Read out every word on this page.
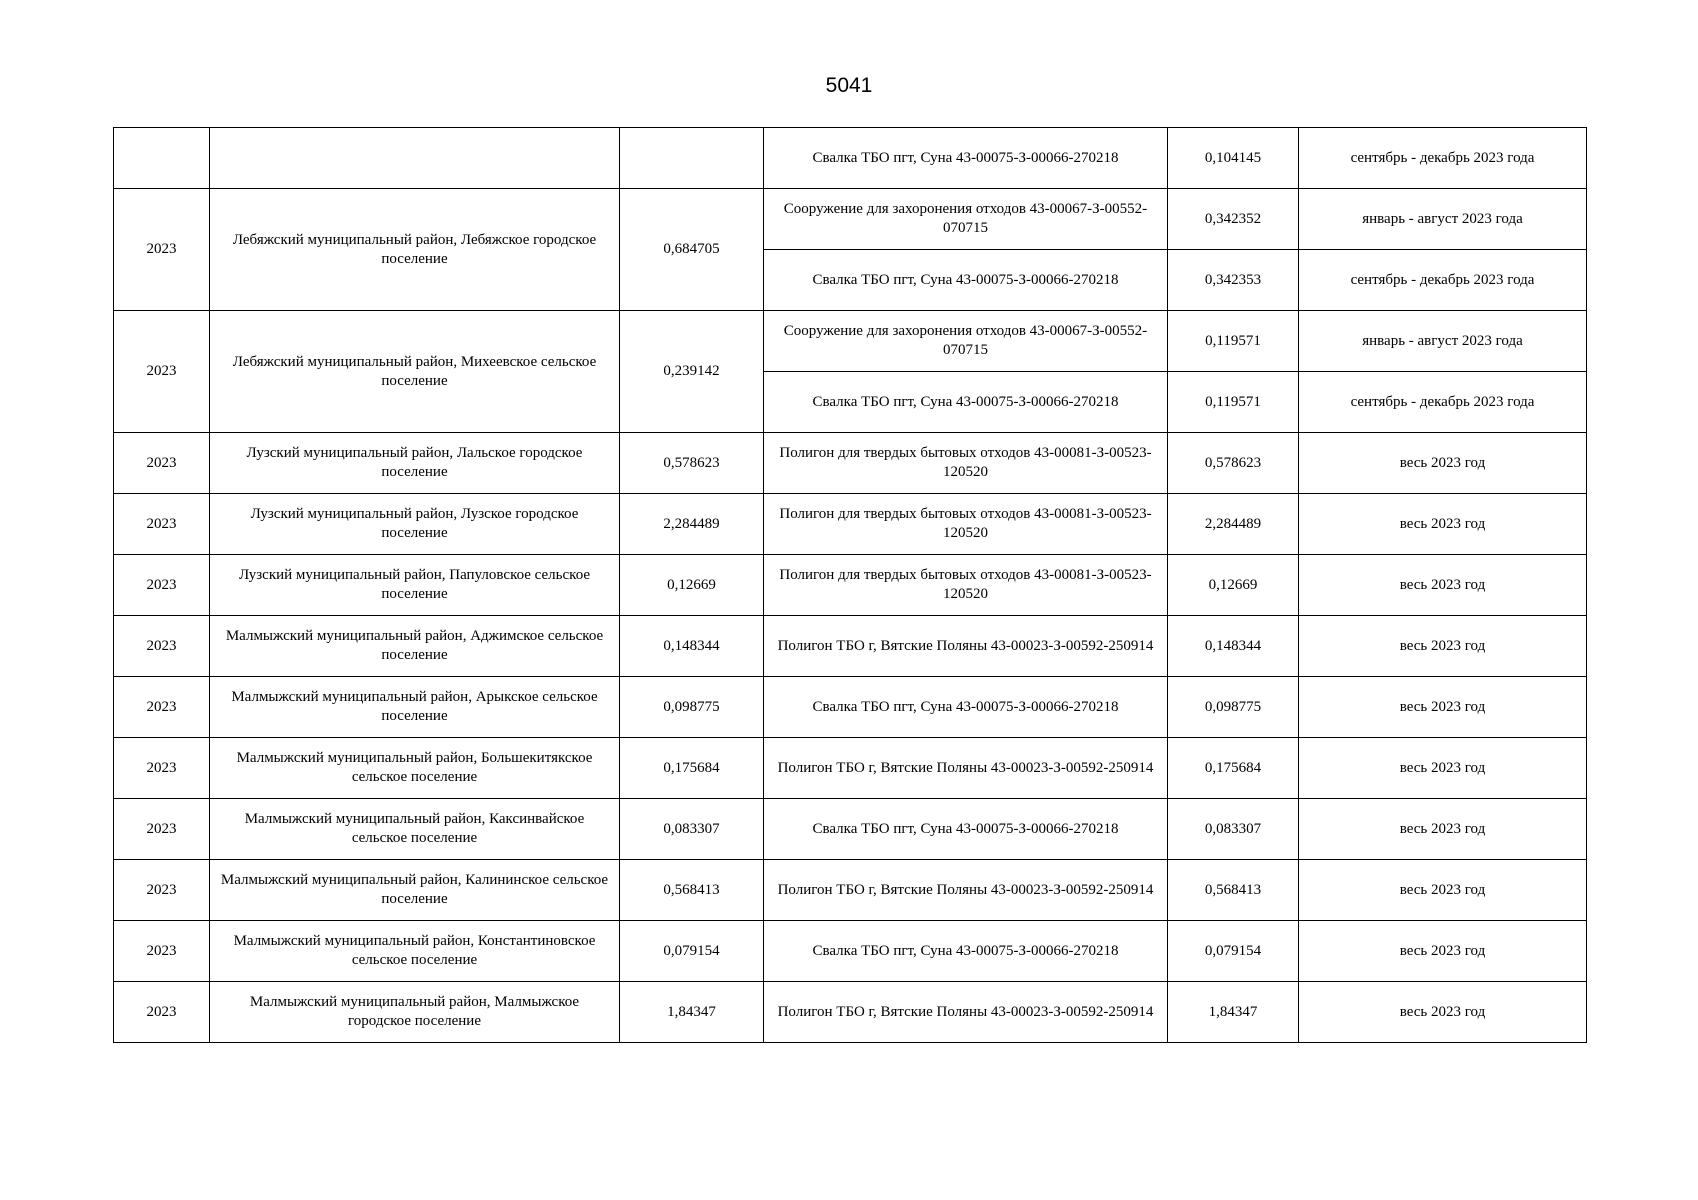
5041
			Свалка ТБО пгт, Суна 43-00075-З-00066-270218	0,104145	сентябрь - декабрь 2023 года
2023	Лебяжский муниципальный район, Лебяжское городское поселение	0,684705	Сооружение для захоронения отходов 43-00067-З-00552-070715	0,342352	январь - август 2023 года
			Свалка ТБО пгт, Суна 43-00075-З-00066-270218	0,342353	сентябрь - декабрь 2023 года
2023	Лебяжский муниципальный район, Михеевское сельское поселение	0,239142	Сооружение для захоронения отходов 43-00067-З-00552-070715	0,119571	январь - август 2023 года
			Свалка ТБО пгт, Суна 43-00075-З-00066-270218	0,119571	сентябрь - декабрь 2023 года
2023	Лузский муниципальный район, Лальское городское поселение	0,578623	Полигон для твердых бытовых отходов 43-00081-З-00523-120520	0,578623	весь 2023 год
2023	Лузский муниципальный район, Лузское городское поселение	2,284489	Полигон для твердых бытовых отходов 43-00081-З-00523-120520	2,284489	весь 2023 год
2023	Лузский муниципальный район, Папуловское сельское поселение	0,12669	Полигон для твердых бытовых отходов 43-00081-З-00523-120520	0,12669	весь 2023 год
2023	Малмыжский муниципальный район, Аджимское сельское поселение	0,148344	Полигон ТБО г, Вятские Поляны 43-00023-З-00592-250914	0,148344	весь 2023 год
2023	Малмыжский муниципальный район, Арыкское сельское поселение	0,098775	Свалка ТБО пгт, Суна 43-00075-З-00066-270218	0,098775	весь 2023 год
2023	Малмыжский муниципальный район, Большекитякское сельское поселение	0,175684	Полигон ТБО г, Вятские Поляны 43-00023-З-00592-250914	0,175684	весь 2023 год
2023	Малмыжский муниципальный район, Каксинвайское сельское поселение	0,083307	Свалка ТБО пгт, Суна 43-00075-З-00066-270218	0,083307	весь 2023 год
2023	Малмыжский муниципальный район, Калининское сельское поселение	0,568413	Полигон ТБО г, Вятские Поляны 43-00023-З-00592-250914	0,568413	весь 2023 год
2023	Малмыжский муниципальный район, Константиновское сельское поселение	0,079154	Свалка ТБО пгт, Суна 43-00075-З-00066-270218	0,079154	весь 2023 год
2023	Малмыжский муниципальный район, Малмыжское городское поселение	1,84347	Полигон ТБО г, Вятские Поляны 43-00023-З-00592-250914	1,84347	весь 2023 год
